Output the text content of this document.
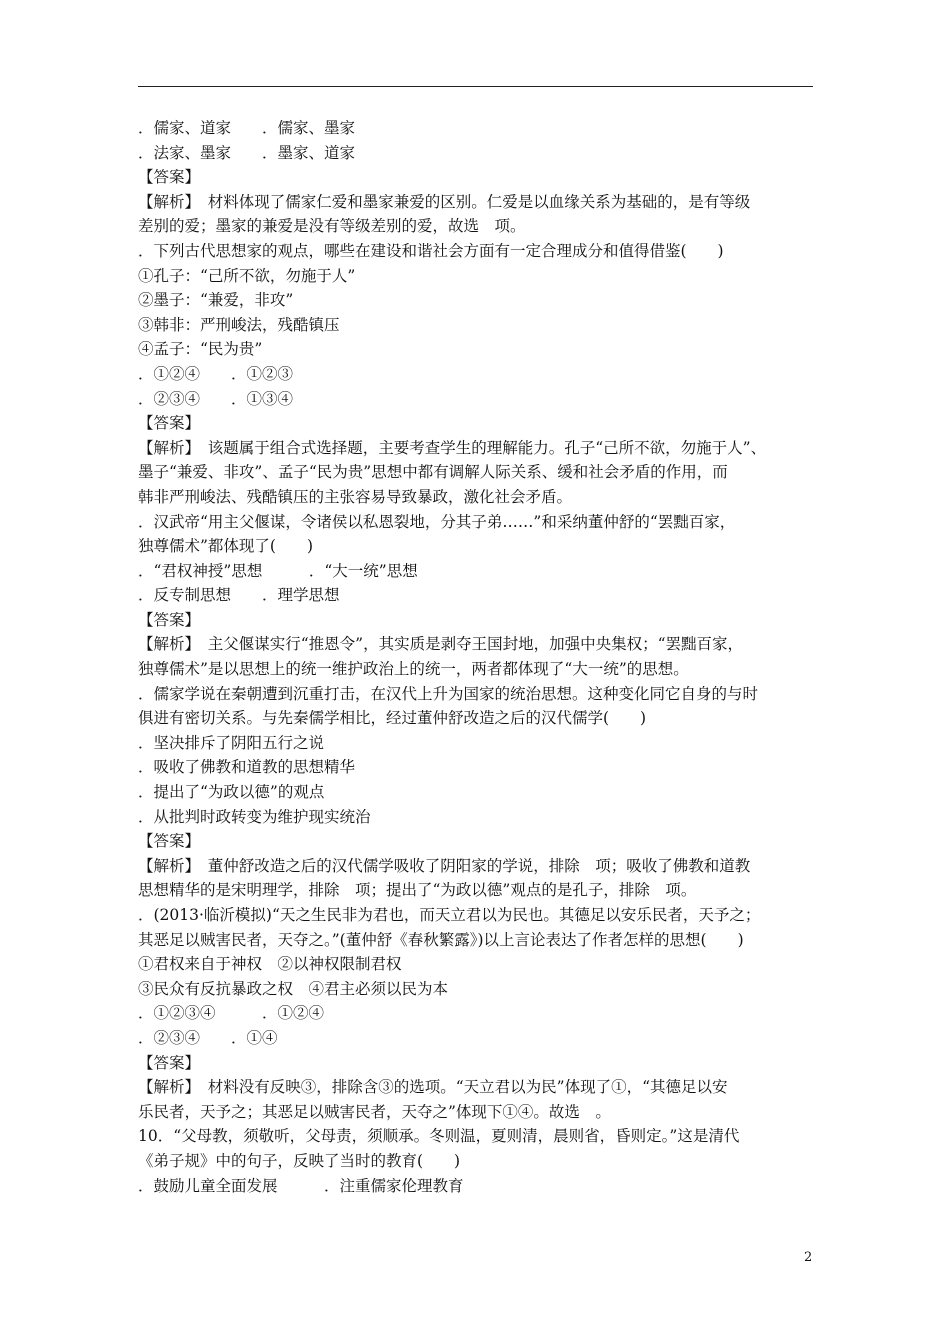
．儒家、道家　　．儒家、墨家
．法家、墨家　　．墨家、道家
【答案】
【解析】　材料体现了儒家仁爱和墨家兼爱的区别。仁爱是以血缘关系为基础的，是有等级
差别的爱；墨家的兼爱是没有等级差别的爱，故选　项。
．下列古代思想家的观点，哪些在建设和谐社会方面有一定合理成分和值得借鉴(　　)
①孔子：“己所不欲，勿施于人”
②墨子：“兼爱，非攻”
③韩非：严刑峻法，残酷镇压
④孟子：“民为贵”
．①②④　　．①②③
．②③④　　．①③④
【答案】
【解析】　该题属于组合式选择题，主要考查学生的理解能力。孔子“己所不欲，勿施于人”、
墨子“兼爱、非攻”、孟子“民为贵”思想中都有调解人际关系、缓和社会矛盾的作用，而
韩非严刑峻法、残酷镇压的主张容易导致暴政，激化社会矛盾。
．汉武帝“用主父偃谋，令诸侯以私恩裂地，分其子弟……”和采纳董仲舒的“罢黜百家，
独尊儒术”都体现了(　　)
．“君权神授”思想　　　．“大一统”思想
．反专制思想　　．理学思想
【答案】
【解析】　主父偃谋实行“推恩令”，其实质是剥夺王国封地，加强中央集权；“罢黜百家，
独尊儒术”是以思想上的统一维护政治上的统一，两者都体现了“大一统”的思想。
．儒家学说在秦朝遭到沉重打击，在汉代上升为国家的统治思想。这种变化同它自身的与时
俱进有密切关系。与先秦儒学相比，经过董仲舒改造之后的汉代儒学(　　)
．坚决排斥了阴阳五行之说
．吸收了佛教和道教的思想精华
．提出了“为政以德”的观点
．从批判时政转变为维护现实统治
【答案】
【解析】　董仲舒改造之后的汉代儒学吸收了阴阳家的学说，排除　项；吸收了佛教和道教
思想精华的是宋明理学，排除　项；提出了“为政以德”观点的是孔子，排除　项。
．(2013·临沂模拟)“天之生民非为君也，而天立君以为民也。其德足以安乐民者，天予之；
其恶足以贼害民者，天夺之。”(董仲舒《春秋繁露》)以上言论表达了作者怎样的思想(　　)
①君权来自于神权　②以神权限制君权
③民众有反抗暴政之权　④君主必须以民为本
．①②③④　　　．①②④
．②③④　　．①④
【答案】
【解析】　材料没有反映③，排除含③的选项。“天立君以为民”体现了①，“其德足以安
乐民者，天予之；其恶足以贼害民者，天夺之”体现下①④。故选　。
10．“父母教，须敬听，父母责，须顺承。冬则温，夏则清，晨则省，昏则定。”这是清代
《弟子规》中的句子，反映了当时的教育(　　)
．鼓励儿童全面发展　　　．注重儒家伦理教育
2
